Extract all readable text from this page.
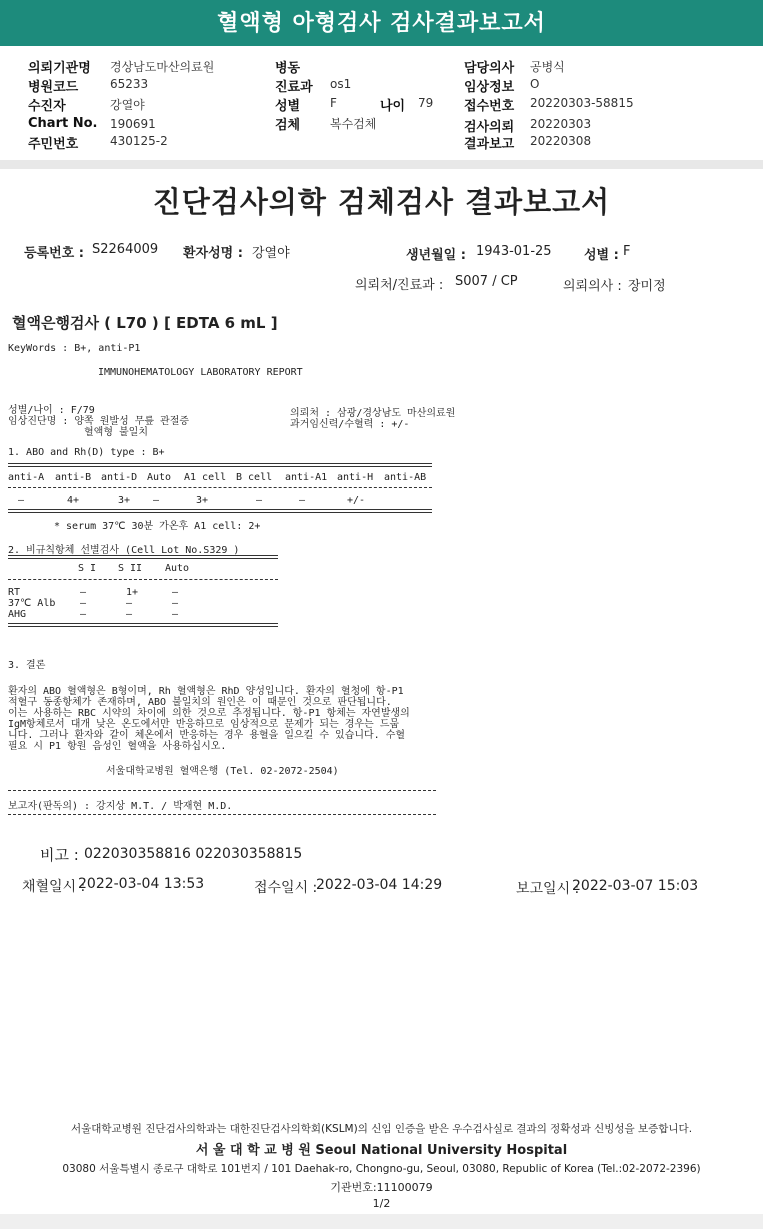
혈액형 아형검사 검사결과보고서
의뢰기관명 경상남도마산의료원
병원코드	65233
수진자	강열야
Chart No. 190691
주민번호	430125-2
병동
진료과 os1
성별 F	나이 79
검체 복수검체
담당의사 공병식
임상정보 O
접수번호 20220303-58815
검사의뢰 20220303
결과보고 20220308
진단검사의학 검체검사 결과보고서
등록번호 : S2264009 환자성명 : 강열야	생년월일 : 1943-01-25 성별 : F
의뢰처/진료과 : S007 / CP	의뢰의사 : 장미정
혈액은행검사 ( L70 ) [ EDTA 6 mL ]
KeyWords : B+, anti-P1
IMMUNOHEMATOLOGY LABORATORY REPORT
성별/나이 : F/79
임상진단명 : 양쪽 원발성 무릎 관절증
혈액형 불일치
의뢰처 : 삼광/경상남도 마산의료원
과거임신력/수혈력 : +/-
1. ABO and Rh(D) type : B+
anti-A anti-B anti-D Auto A1 cell B cell anti-A1 anti-H anti-AB
–	4+	3+ –	3+	–	–	+/-
* serum 37℃ 30분 가온후 A1 cell: 2+
2. 비규칙항체 선별검사 (Cell Lot No.S329 )
S I S II Auto
RT	–	1+	–
37℃ Alb –	–	–
AHG	–	–	–
3. 결론
환자의 ABO 혈액형은 B형이며, Rh 혈액형은 RhD 양성입니다. 환자의 혈청에 항-P1
적혈구 동종항체가 존재하며, ABO 불일치의 원인은 이 때문인 것으로 판단됩니다.
이는 사용하는 RBC 시약의 차이에 의한 것으로 추정됩니다. 항-P1 항체는 자연발생의
IgM항체로서 대개 낮은 온도에서만 반응하므로 임상적으로 문제가 되는 경우는 드뭅
니다. 그러나 환자와 같이 체온에서 반응하는 경우 용혈을 일으킬 수 있습니다. 수혈
필요 시 P1 항원 음성인 혈액을 사용하십시오.
서울대학교병원 혈액은행 (Tel. 02-2072-2504)
보고자(판독의) : 강지상 M.T. / 박재현 M.D.
비고 : 022030358816 022030358815
채혈일시 :
2022-03-04 13:53	접수일시 :
2022-03-04 14:29	보고일시 :
2022-03-07 15:03
서울대학교병원 진단검사의학과는 대한진단검사의학회(KSLM)의 신임 인증을 받은 우수검사실로 결과의 정확성과 신빙성을 보증합니다.
서 울 대 학 교 병 원 Seoul National University Hospital
03080 서울특별시 종로구 대학로 101번지 / 101 Daehak-ro, Chongno-gu, Seoul, 03080, Republic of Korea (Tel.:02-2072-2396)
기관번호:11100079
1/2
